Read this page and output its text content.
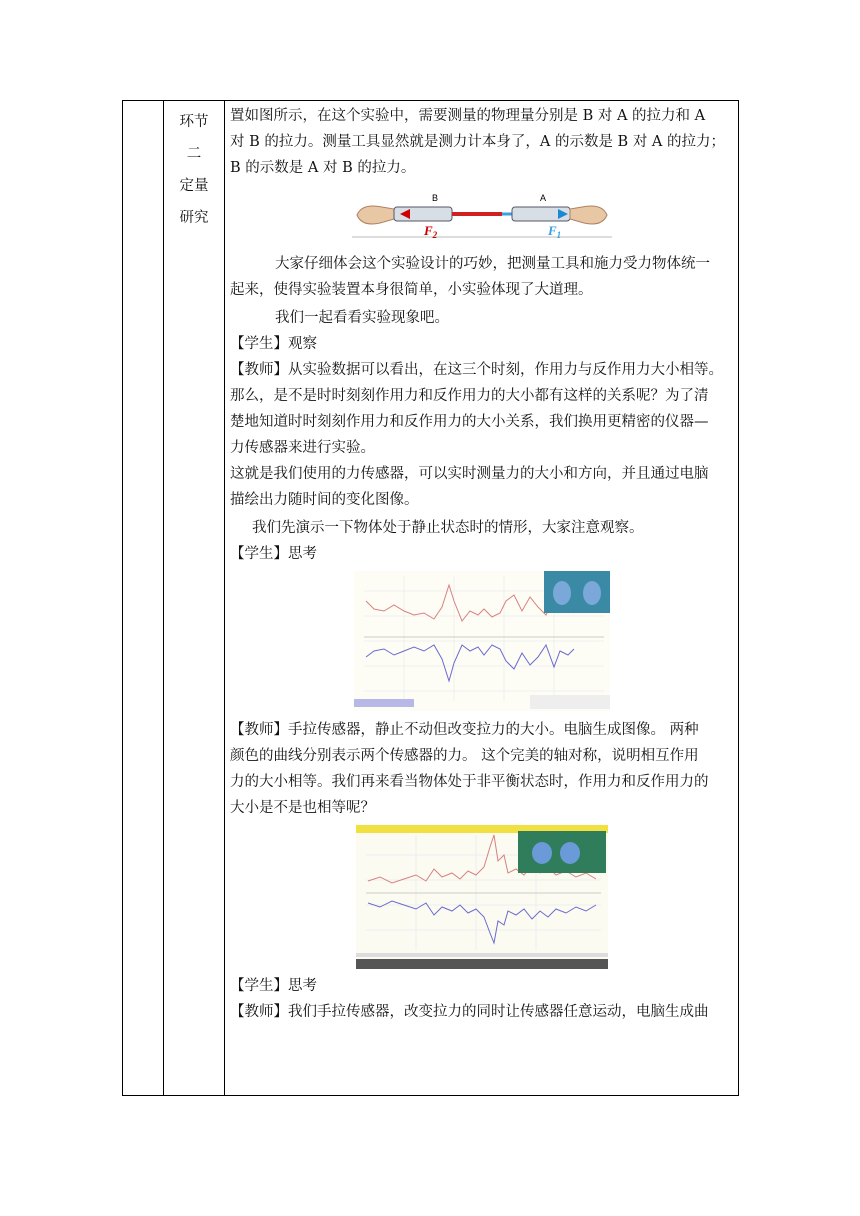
环节
二
定量
研究

置如图所示，在这个实验中，需要测量的物理量分别是 B 对 A 的拉力和 A

对 B 的拉力。测量工具显然就是测力计本身了，A 的示数是 B 对 A 的拉力；

B 的示数是 A 对 B 的拉力。

B	A
$F_2$	$F_1$

大家仔细体会这个实验设计的巧妙，把测量工具和施力受力物体统一

起来，使得实验装置本身很简单，小实验体现了大道理。

我们一起看看实验现象吧。

【学生】观察

【教师】从实验数据可以看出，在这三个时刻，作用力与反作用力大小相等。

那么，是不是时时刻刻作用力和反作用力的大小都有这样的关系呢？为了清

楚地知道时时刻刻作用力和反作用力的大小关系，我们换用更精密的仪器—

力传感器来进行实验。

这就是我们使用的力传感器，可以实时测量力的大小和方向，并且通过电脑

描绘出力随时间的变化图像。

我们先演示一下物体处于静止状态时的情形，大家注意观察。

【学生】思考

【教师】手拉传感器，静止不动但改变拉力的大小。电脑生成图像。 两种

颜色的曲线分别表示两个传感器的力。 这个完美的轴对称，说明相互作用

力的大小相等。我们再来看当物体处于非平衡状态时，作用力和反作用力的

大小是不是也相等呢？

【学生】思考

【教师】我们手拉传感器，改变拉力的同时让传感器任意运动，电脑生成曲
